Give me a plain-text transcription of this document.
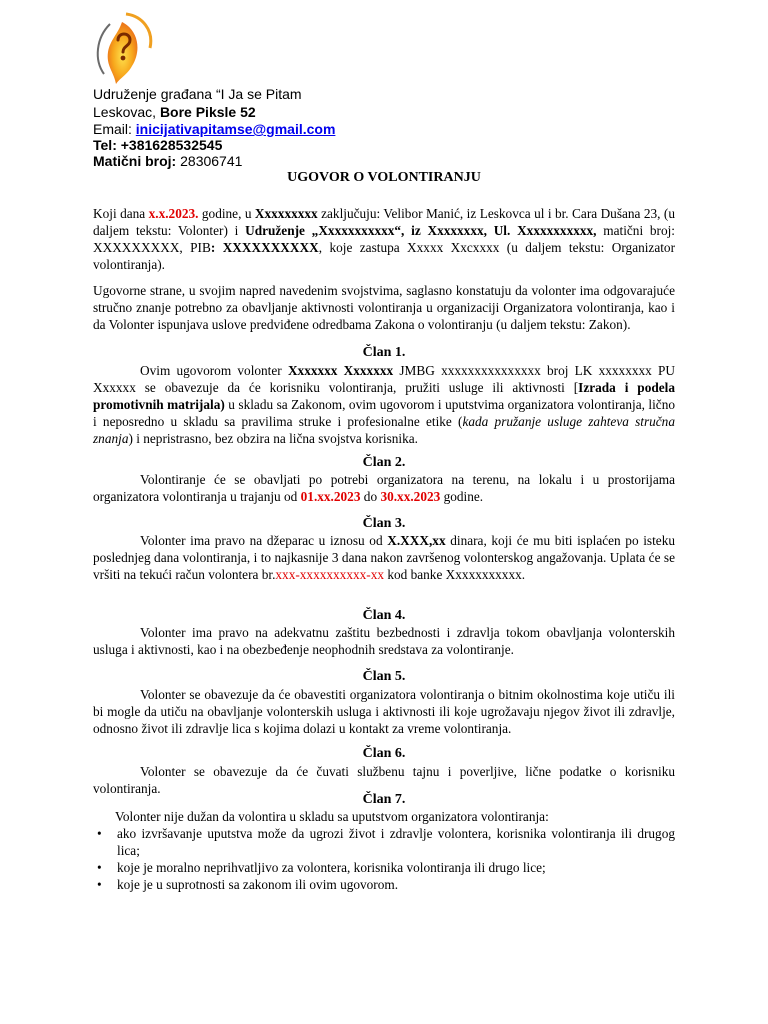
Udruženje građana “I Ja se Pitam
Leskovac, Bore Piksle 52
Email: inicijativapitamse@gmail.com
Tel: +381628532545
Matični broj: 28306741
UGOVOR O VOLONTIRANJU

Koji dana x.x.2023. godine, u Xxxxxxxxx zaključuju: Velibor Manić, iz Leskovca ul i br. Cara Dušana 23, (u daljem tekstu: Volonter) i Udruženje „Xxxxxxxxxxx“, iz Xxxxxxxx, Ul. Xxxxxxxxxxx, matični broj: XXXXXXXXX, PIB: XXXXXXXXXX, koje zastupa Xxxxx Xxcxxxx (u daljem tekstu: Organizator volontiranja).

Ugovorne strane, u svojim napred navedenim svojstvima, saglasno konstatuju da volonter ima odgovarajuće stručno znanje potrebno za obavljanje aktivnosti volontiranja u organizaciji Organizatora volontiranja, kao i da Volonter ispunjava uslove predviđene odredbama Zakona o volontiranju (u daljem tekstu: Zakon).

Član 1.

Ovim ugovorom volonter Xxxxxxx Xxxxxxx JMBG xxxxxxxxxxxxxxx broj LK xxxxxxxx PU Xxxxxx se obavezuje da će korisniku volontiranja, pružiti usluge ili aktivnosti [Izrada i podela promotivnih matrijala) u skladu sa Zakonom, ovim ugovorom i uputstvima organizatora volontiranja, lično i neposredno u skladu sa pravilima struke i profesionalne etike (kada pružanje usluge zahteva stručna znanja) i nepristrasno, bez obzira na lična svojstva korisnika.

Član 2.

Volontiranje će se obavljati po potrebi organizatora na terenu, na lokalu i u prostorijama organizatora volontiranja u trajanju od 01.xx.2023 do 30.xx.2023 godine.

Član 3.

Volonter ima pravo na džeparac u iznosu od X.XXX,xx dinara, koji će mu biti isplaćen po isteku poslednjeg dana volontiranja, i to najkasnije 3 dana nakon završenog volonterskog angažovanja. Uplata će se vršiti na tekući račun volontera br.xxx-xxxxxxxxxx-xx kod banke Xxxxxxxxxxx.

Član 4.

Volonter ima pravo na adekvatnu zaštitu bezbednosti i zdravlja tokom obavljanja volonterskih usluga i aktivnosti, kao i na obezbeđenje neophodnih sredstava za volontiranje.

Član 5.

Volonter se obavezuje da će obavestiti organizatora volontiranja o bitnim okolnostima koje utiču ili bi mogle da utiču na obavljanje volonterskih usluga i aktivnosti ili koje ugrožavaju njegov život ili zdravlje, odnosno život ili zdravlje lica s kojima dolazi u kontakt za vreme volontiranja.

Član 6.

Volonter se obavezuje da će čuvati službenu tajnu i poverljive, lične podatke o korisniku volontiranja.

Član 7.

Volonter nije dužan da volontira u skladu sa uputstvom organizatora volontiranja:

• ako izvršavanje uputstva može da ugrozi život i zdravlje volontera, korisnika volontiranja ili drugog lica;
• koje je moralno neprihvatljivo za volontera, korisnika volontiranja ili drugo lice;
• koje je u suprotnosti sa zakonom ili ovim ugovorom.
